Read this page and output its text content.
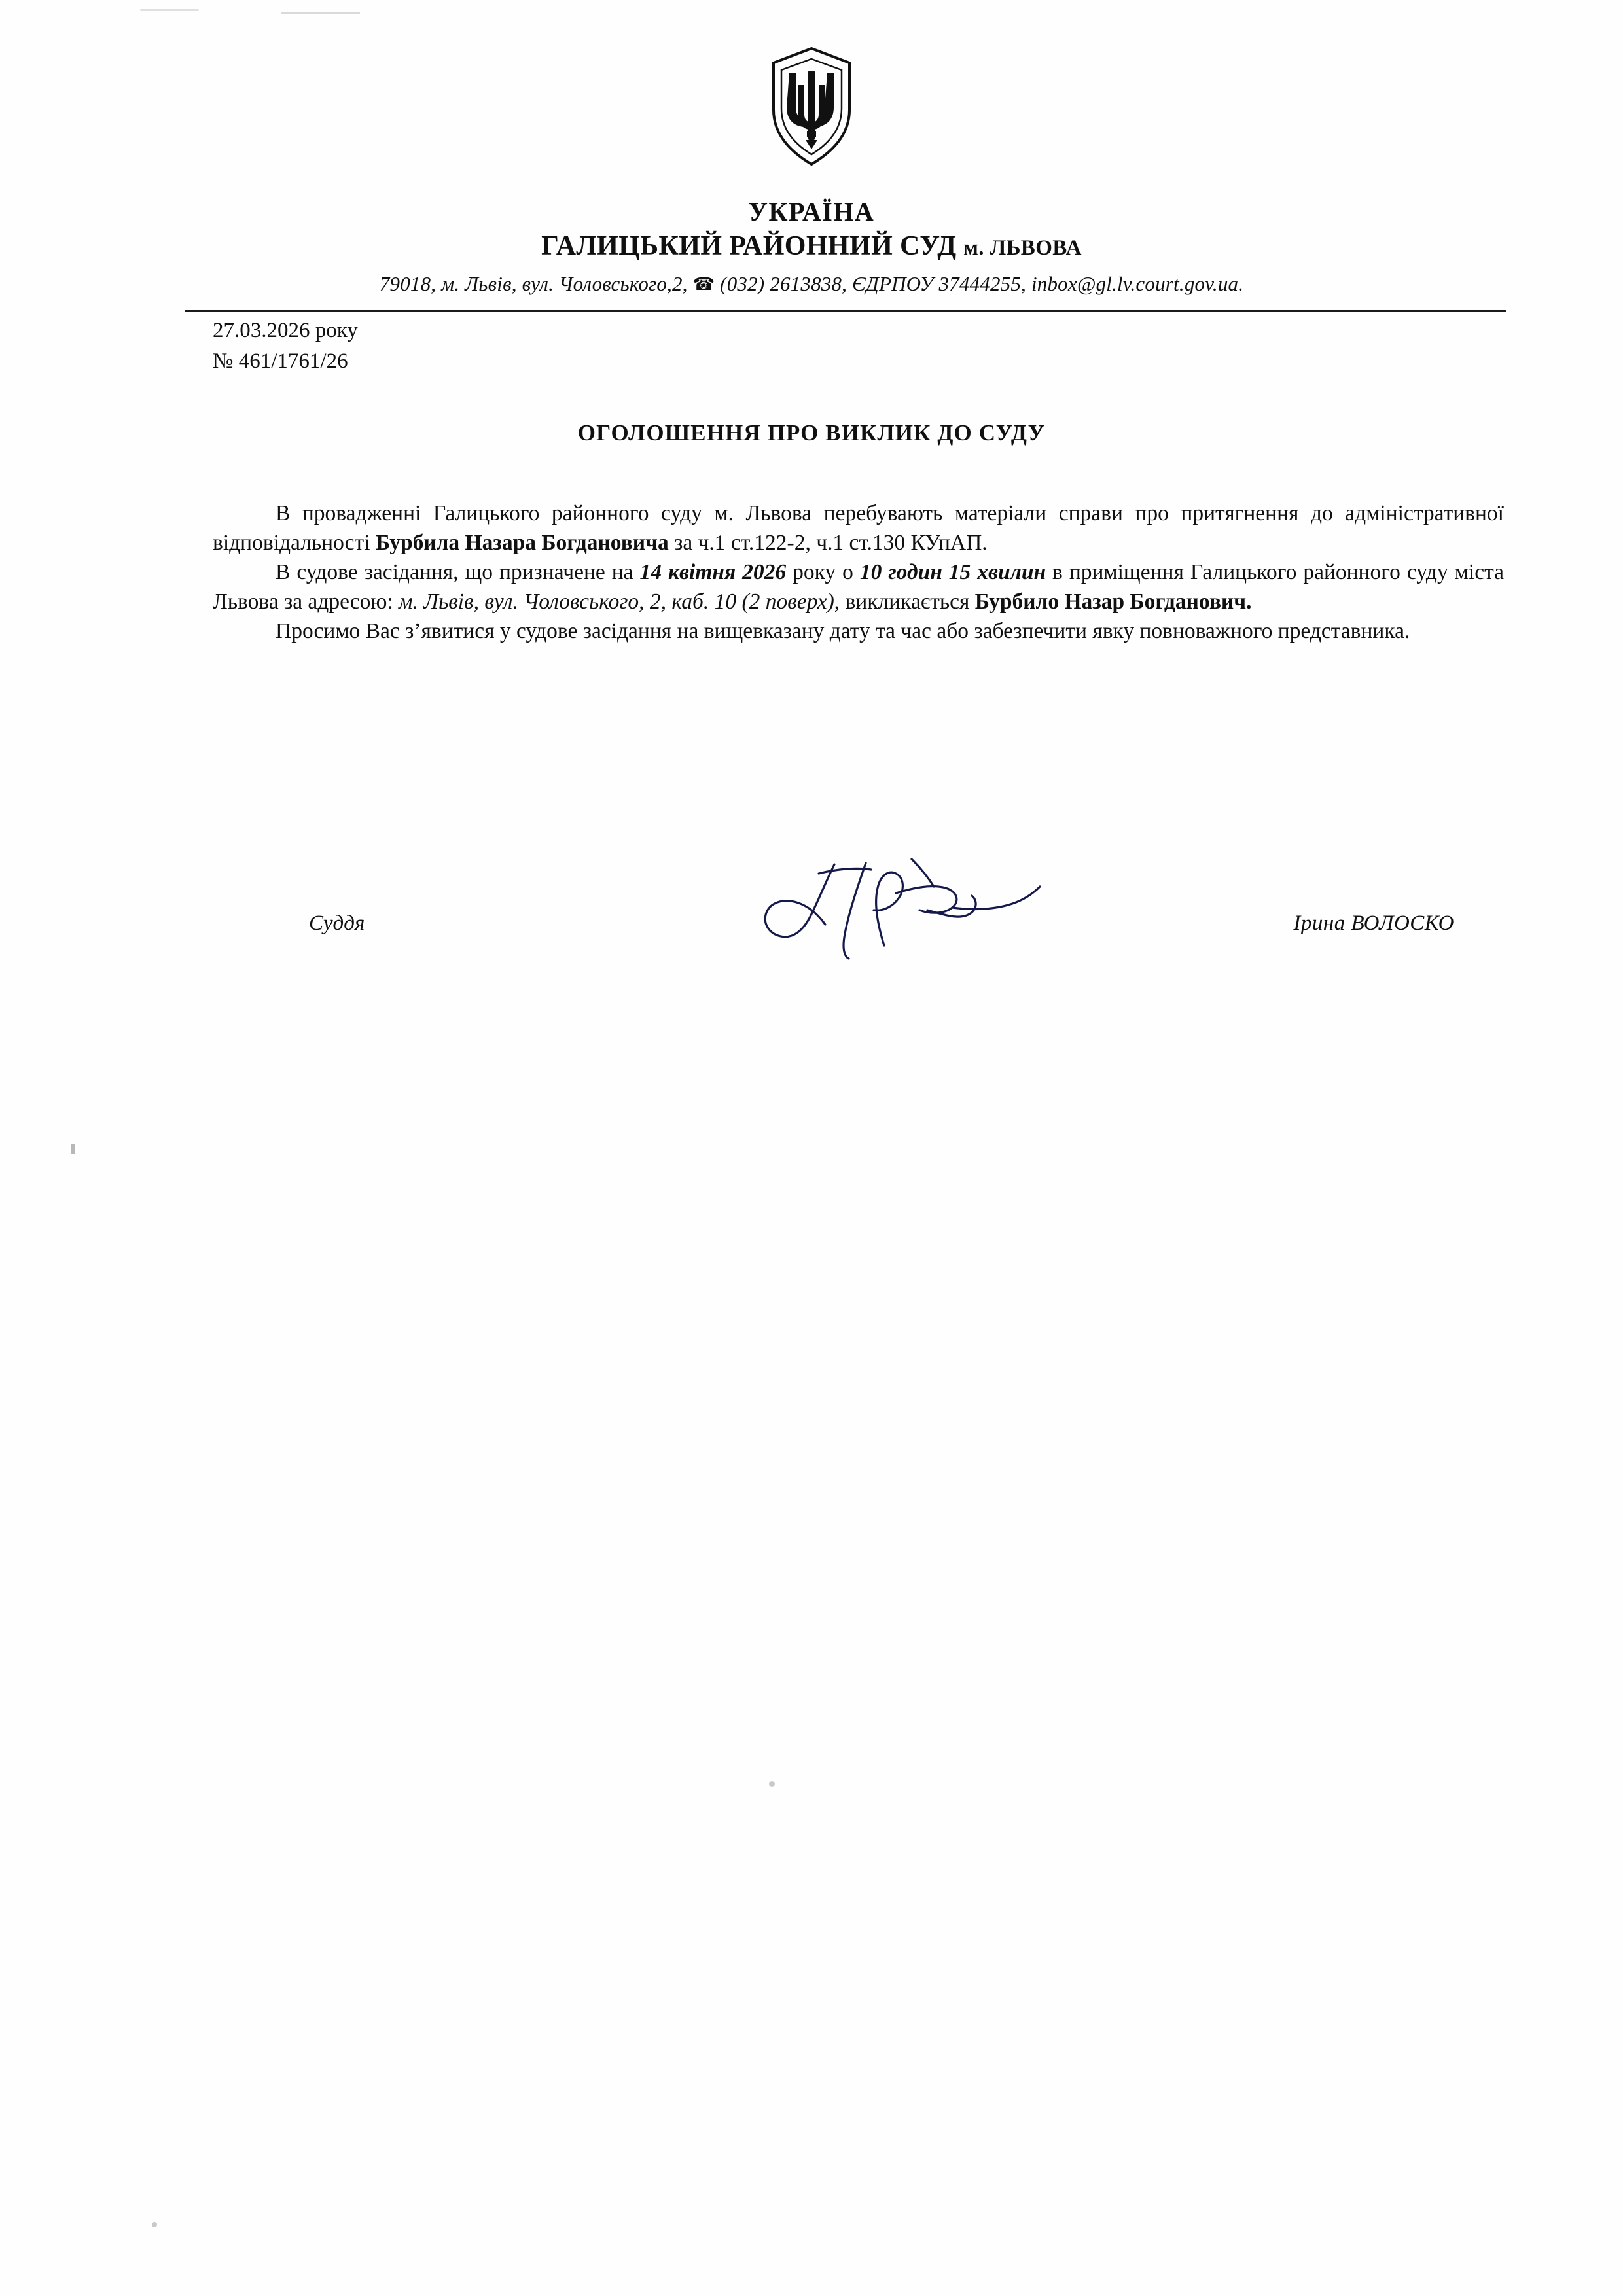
УКРАЇНА
ГАЛИЦЬКИЙ РАЙОННИЙ СУД м. ЛЬВОВА
79018, м. Львів, вул. Чоловського,2, ☎ (032) 2613838, ЄДРПОУ 37444255, inbox@gl.lv.court.gov.ua.
27.03.2026 року
№ 461/1761/26
ОГОЛОШЕННЯ ПРО ВИКЛИК ДО СУДУ

В провадженні Галицького районного суду м. Львова перебувають матеріали справи про притягнення до адміністративної відповідальності Бурбила Назара Богдановича за ч.1 ст.122-2, ч.1 ст.130 КУпАП.

В судове засідання, що призначене на 14 квітня 2026 року о 10 годин 15 хвилин в приміщення Галицького районного суду міста Львова за адресою: м. Львів, вул. Чоловського, 2, каб. 10 (2 поверх), викликається Бурбило Назар Богданович.

Просимо Вас з’явитися у судове засідання на вищевказану дату та час або забезпечити явку повноважного представника.

Суддя	Ірина ВОЛОСКО
